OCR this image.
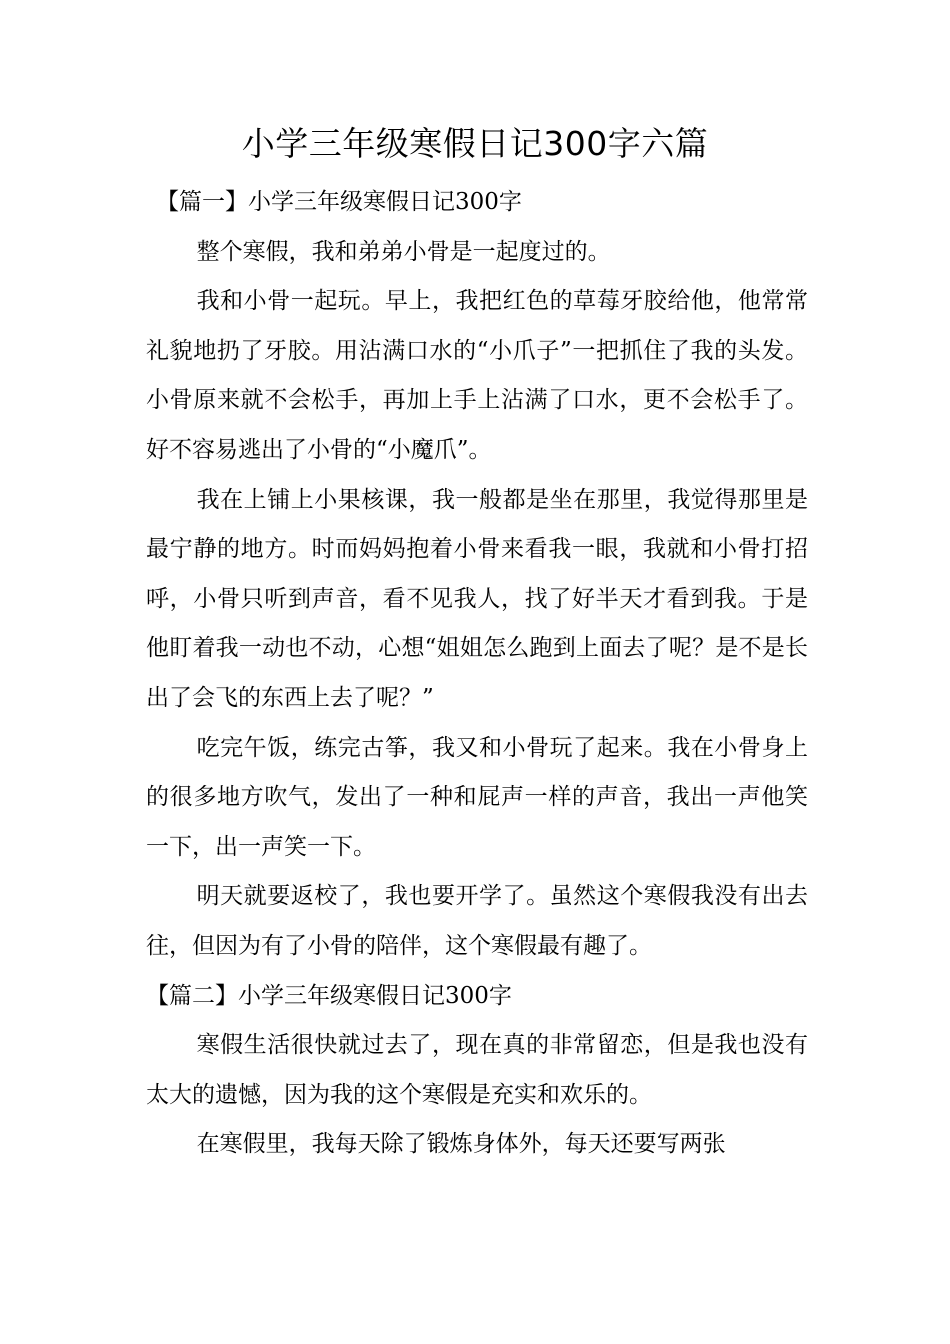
小学三年级寒假日记300字六篇
【篇一】小学三年级寒假日记300字

整个寒假，我和弟弟小骨是一起度过的。

我和小骨一起玩。早上，我把红色的草莓牙胶给他，他常常礼貌地扔了牙胶。用沾满口水的“小爪子”一把抓住了我的头发。小骨原来就不会松手，再加上手上沾满了口水，更不会松手了。好不容易逃出了小骨的“小魔爪”。

我在上铺上小果核课，我一般都是坐在那里，我觉得那里是最宁静的地方。时而妈妈抱着小骨来看我一眼，我就和小骨打招呼，小骨只听到声音，看不见我人，找了好半天才看到我。于是他盯着我一动也不动，心想“姐姐怎么跑到上面去了呢？是不是长出了会飞的东西上去了呢？”

吃完午饭，练完古筝，我又和小骨玩了起来。我在小骨身上的很多地方吹气，发出了一种和屁声一样的声音，我出一声他笑一下，出一声笑一下。

明天就要返校了，我也要开学了。虽然这个寒假我没有出去往，但因为有了小骨的陪伴，这个寒假最有趣了。

【篇二】小学三年级寒假日记300字

寒假生活很快就过去了，现在真的非常留恋，但是我也没有太大的遗憾，因为我的这个寒假是充实和欢乐的。

在寒假里，我每天除了锻炼身体外，每天还要写两张
